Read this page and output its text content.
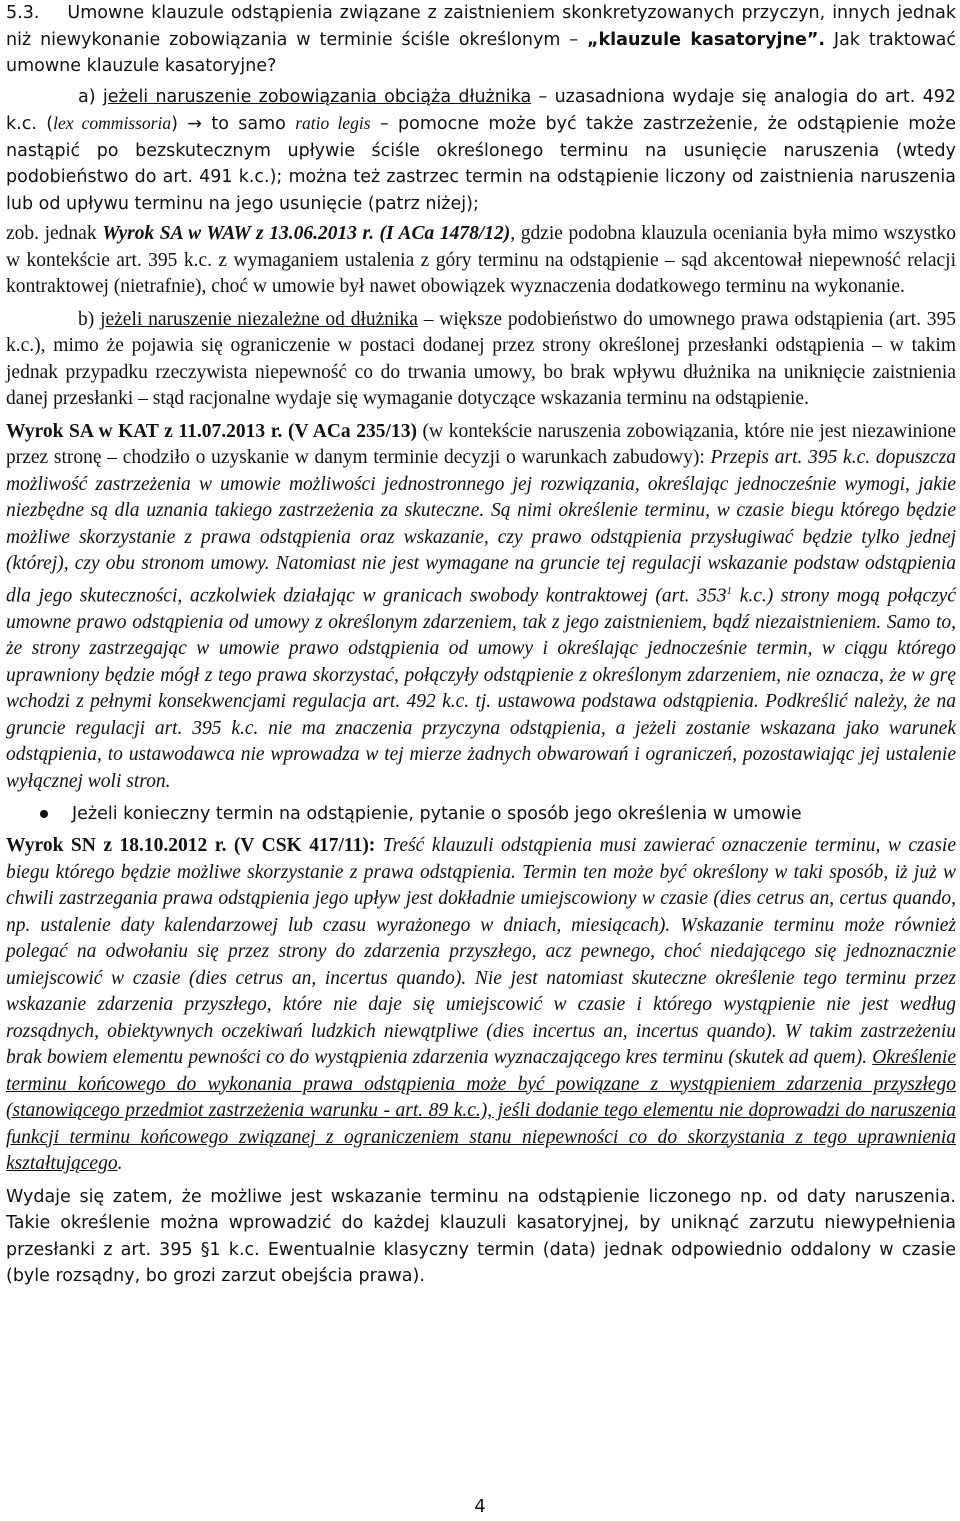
5.3. Umowne klauzule odstąpienia związane z zaistnieniem skonkretyzowanych przyczyn, innych jednak niż niewykonanie zobowiązania w terminie ściśle określonym – „klauzule kasatoryjne”. Jak traktować umowne klauzule kasatoryjne?

a) jeżeli naruszenie zobowiązania obciąża dłużnika – uzasadniona wydaje się analogia do art. 492 k.c. (lex commissoria) → to samo ratio legis – pomocne może być także zastrzeżenie, że odstąpienie może nastąpić po bezskutecznym upływie ściśle określonego terminu na usunięcie naruszenia (wtedy podobieństwo do art. 491 k.c.); można też zastrzec termin na odstąpienie liczony od zaistnienia naruszenia lub od upływu terminu na jego usunięcie (patrz niżej);

zob. jednak Wyrok SA w WAW z 13.06.2013 r. (I ACa 1478/12), gdzie podobna klauzula oceniania była mimo wszystko w kontekście art. 395 k.c. z wymaganiem ustalenia z góry terminu na odstąpienie – sąd akcentował niepewność relacji kontraktowej (nietrafnie), choć w umowie był nawet obowiązek wyznaczenia dodatkowego terminu na wykonanie.

b) jeżeli naruszenie niezależne od dłużnika – większe podobieństwo do umownego prawa odstąpienia (art. 395 k.c.), mimo że pojawia się ograniczenie w postaci dodanej przez strony określonej przesłanki odstąpienia – w takim jednak przypadku rzeczywista niepewność co do trwania umowy, bo brak wpływu dłużnika na uniknięcie zaistnienia danej przesłanki – stąd racjonalne wydaje się wymaganie dotyczące wskazania terminu na odstąpienie.

Wyrok SA w KAT z 11.07.2013 r. (V ACa 235/13) (w kontekście naruszenia zobowiązania, które nie jest niezawinione przez stronę – chodziło o uzyskanie w danym terminie decyzji o warunkach zabudowy): Przepis art. 395 k.c. dopuszcza możliwość zastrzeżenia w umowie możliwości jednostronnego jej rozwiązania, określając jednocześnie wymogi, jakie niezbędne są dla uznania takiego zastrzeżenia za skuteczne. Są nimi określenie terminu, w czasie biegu którego będzie możliwe skorzystanie z prawa odstąpienia oraz wskazanie, czy prawo odstąpienia przysługiwać będzie tylko jednej (której), czy obu stronom umowy. Natomiast nie jest wymagane na gruncie tej regulacji wskazanie podstaw odstąpienia dla jego skuteczności, aczkolwiek działając w granicach swobody kontraktowej (art. $353^1$ k.c.) strony mogą połączyć umowne prawo odstąpienia od umowy z określonym zdarzeniem, tak z jego zaistnieniem, bądź niezaistnieniem. Samo to, że strony zastrzegając w umowie prawo odstąpienia od umowy i określając jednocześnie termin, w ciągu którego uprawniony będzie mógł z tego prawa skorzystać, połączyły odstąpienie z określonym zdarzeniem, nie oznacza, że w grę wchodzi z pełnymi konsekwencjami regulacja art. 492 k.c. tj. ustawowa podstawa odstąpienia. Podkreślić należy, że na gruncie regulacji art. 395 k.c. nie ma znaczenia przyczyna odstąpienia, a jeżeli zostanie wskazana jako warunek odstąpienia, to ustawodawca nie wprowadza w tej mierze żadnych obwarowań i ograniczeń, pozostawiając jej ustalenie wyłącznej woli stron.

Jeżeli konieczny termin na odstąpienie, pytanie o sposób jego określenia w umowie

Wyrok SN z 18.10.2012 r. (V CSK 417/11): Treść klauzuli odstąpienia musi zawierać oznaczenie terminu, w czasie biegu którego będzie możliwe skorzystanie z prawa odstąpienia. Termin ten może być określony w taki sposób, iż już w chwili zastrzegania prawa odstąpienia jego upływ jest dokładnie umiejscowiony w czasie (dies cetrus an, certus quando, np. ustalenie daty kalendarzowej lub czasu wyrażonego w dniach, miesiącach). Wskazanie terminu może również polegać na odwołaniu się przez strony do zdarzenia przyszłego, acz pewnego, choć niedającego się jednoznacznie umiejscowić w czasie (dies cetrus an, incertus quando). Nie jest natomiast skuteczne określenie tego terminu przez wskazanie zdarzenia przyszłego, które nie daje się umiejscowić w czasie i którego wystąpienie nie jest według rozsądnych, obiektywnych oczekiwań ludzkich niewątpliwe (dies incertus an, incertus quando). W takim zastrzeżeniu brak bowiem elementu pewności co do wystąpienia zdarzenia wyznaczającego kres terminu (skutek ad quem). Określenie terminu końcowego do wykonania prawa odstąpienia może być powiązane z wystąpieniem zdarzenia przyszłego (stanowiącego przedmiot zastrzeżenia warunku - art. 89 k.c.), jeśli dodanie tego elementu nie doprowadzi do naruszenia funkcji terminu końcowego związanej z ograniczeniem stanu niepewności co do skorzystania z tego uprawnienia kształtującego.

Wydaje się zatem, że możliwe jest wskazanie terminu na odstąpienie liczonego np. od daty naruszenia. Takie określenie można wprowadzić do każdej klauzuli kasatoryjnej, by uniknąć zarzutu niewypełnienia przesłanki z art. 395 §1 k.c. Ewentualnie klasyczny termin (data) jednak odpowiednio oddalony w czasie (byle rozsądny, bo grozi zarzut obejścia prawa).

4
